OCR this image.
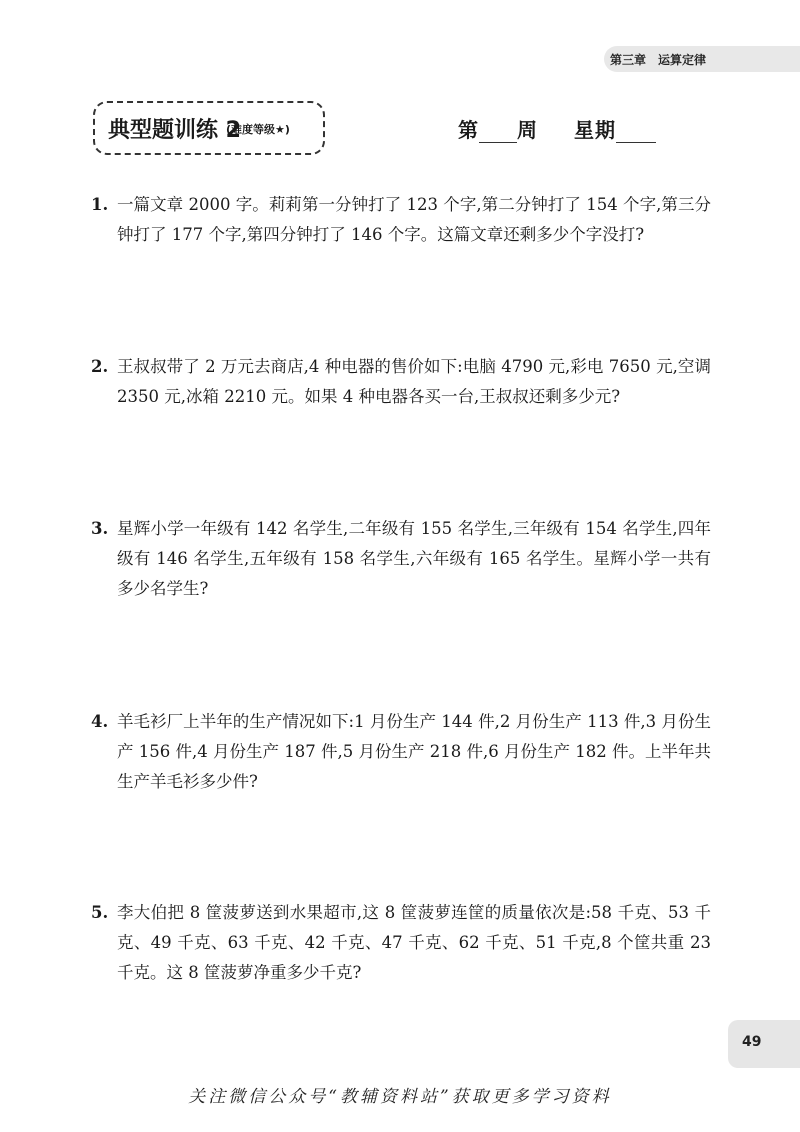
第三章 运算定律
典型题训练 2
(难度等级★)	第 周 星期
1. 一篇文章 2000 字。莉莉第一分钟打了 123 个字,第二分钟打了 154 个字,第三分钟打了 177 个字,第四分钟打了 146 个字。这篇文章还剩多少个字没打?
2. 王叔叔带了 2 万元去商店,4 种电器的售价如下:电脑 4790 元,彩电 7650 元,空调 2350 元,冰箱 2210 元。如果 4 种电器各买一台,王叔叔还剩多少元?
3. 星辉小学一年级有 142 名学生,二年级有 155 名学生,三年级有 154 名学生,四年级有 146 名学生,五年级有 158 名学生,六年级有 165 名学生。星辉小学一共有多少名学生?
4. 羊毛衫厂上半年的生产情况如下:1 月份生产 144 件,2 月份生产 113 件,3 月份生产 156 件,4 月份生产 187 件,5 月份生产 218 件,6 月份生产 182 件。上半年共生产羊毛衫多少件?
5. 李大伯把 8 筐菠萝送到水果超市,这 8 筐菠萝连筐的质量依次是:58 千克、53 千克、49 千克、63 千克、42 千克、47 千克、62 千克、51 千克,8 个筐共重 23 千克。这 8 筐菠萝净重多少千克?
49
关注微信公众号“教辅资料站”获取更多学习资料
